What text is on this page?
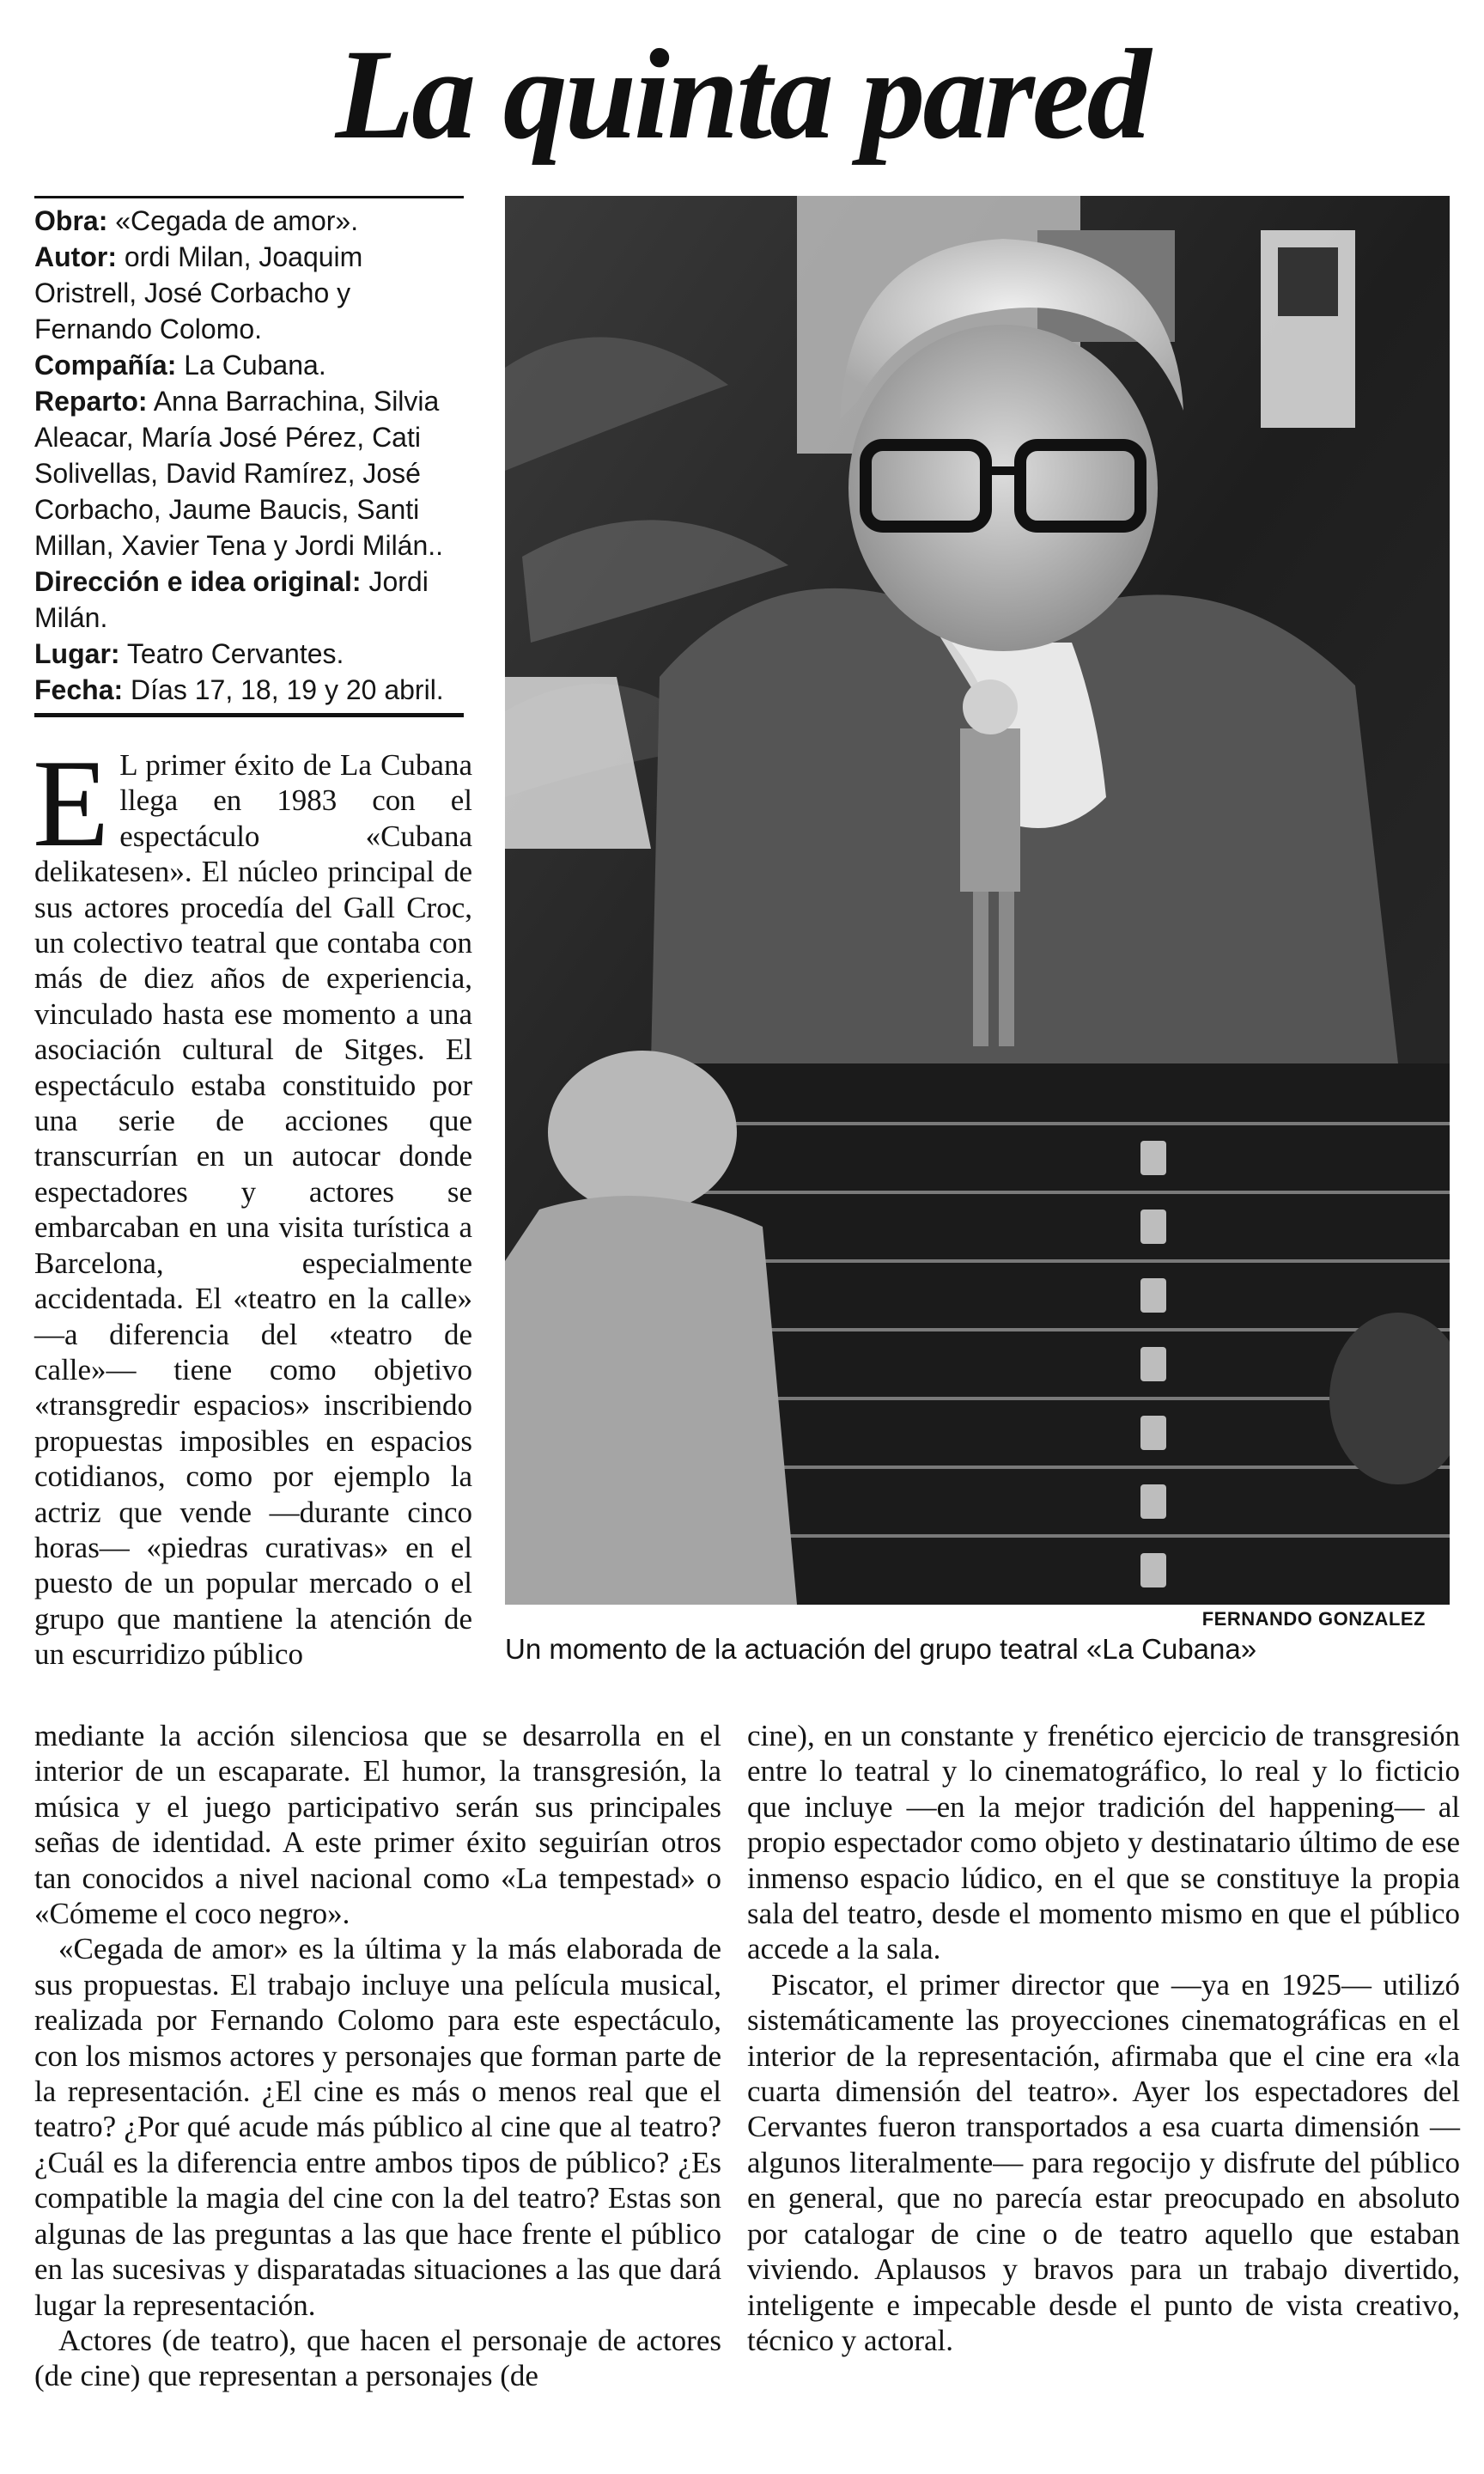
La quinta pared

Obra: «Cegada de amor».

Autor: ordi Milan, Joaquim Oristrell, José Corbacho y Fernando Colomo.

Compañía: La Cubana.

Reparto: Anna Barrachina, Silvia Aleacar, María José Pérez, Cati Solivellas, David Ramírez, José Corbacho, Jaume Baucis, Santi Millan, Xavier Tena y Jordi Milán..

Dirección e idea original: Jordi Milán.

Lugar: Teatro Cervantes.

Fecha: Días 17, 18, 19 y 20 abril.

E L primer éxito de La Cubana llega en 1983 con el espectáculo «Cubana delikatesen». El núcleo principal de sus actores procedía del Gall Croc, un colectivo teatral que contaba con más de diez años de experiencia, vinculado hasta ese momento a una asociación cultural de Sitges. El espectáculo estaba constituido por una serie de acciones que transcurrían en un autocar donde espectadores y actores se embarcaban en una visita turística a Barcelona, especialmente accidentada. El «teatro en la calle» —a diferencia del «teatro de calle»— tiene como objetivo «transgredir espacios» inscribiendo propuestas imposibles en espacios cotidianos, como por ejemplo la actriz que vende —durante cinco horas— «piedras curativas» en el puesto de un popular mercado o el grupo que mantiene la atención de un escurridizo público
FERNANDO GONZALEZ
Un momento de la actuación del grupo teatral «La Cubana»

mediante la acción silenciosa que se desarrolla en el interior de un escaparate. El humor, la transgresión, la música y el juego participativo serán sus principales señas de identidad. A este primer éxito seguirían otros tan conocidos a nivel nacional como «La tempestad» o «Cómeme el coco negro».

«Cegada de amor» es la última y la más elaborada de sus propuestas. El trabajo incluye una película musical, realizada por Fernando Colomo para este espectáculo, con los mismos actores y personajes que forman parte de la representación. ¿El cine es más o menos real que el teatro? ¿Por qué acude más público al cine que al teatro? ¿Cuál es la diferencia entre ambos tipos de público? ¿Es compatible la magia del cine con la del teatro? Estas son algunas de las preguntas a las que hace frente el público en las sucesivas y disparatadas situaciones a las que dará lugar la representación.

Actores (de teatro), que hacen el personaje de actores (de cine) que representan a personajes (de

cine), en un constante y frenético ejercicio de transgresión entre lo teatral y lo cinematográfico, lo real y lo ficticio que incluye —en la mejor tradición del happening— al propio espectador como objeto y destinatario último de ese inmenso espacio lúdico, en el que se constituye la propia sala del teatro, desde el momento mismo en que el público accede a la sala.

Piscator, el primer director que —ya en 1925— utilizó sistemáticamente las proyecciones cinematográficas en el interior de la representación, afirmaba que el cine era «la cuarta dimensión del teatro». Ayer los espectadores del Cervantes fueron transportados a esa cuarta dimensión —algunos literalmente— para regocijo y disfrute del público en general, que no parecía estar preocupado en absoluto por catalogar de cine o de teatro aquello que estaban viviendo. Aplausos y bravos para un trabajo divertido, inteligente e impecable desde el punto de vista creativo, técnico y actoral.
